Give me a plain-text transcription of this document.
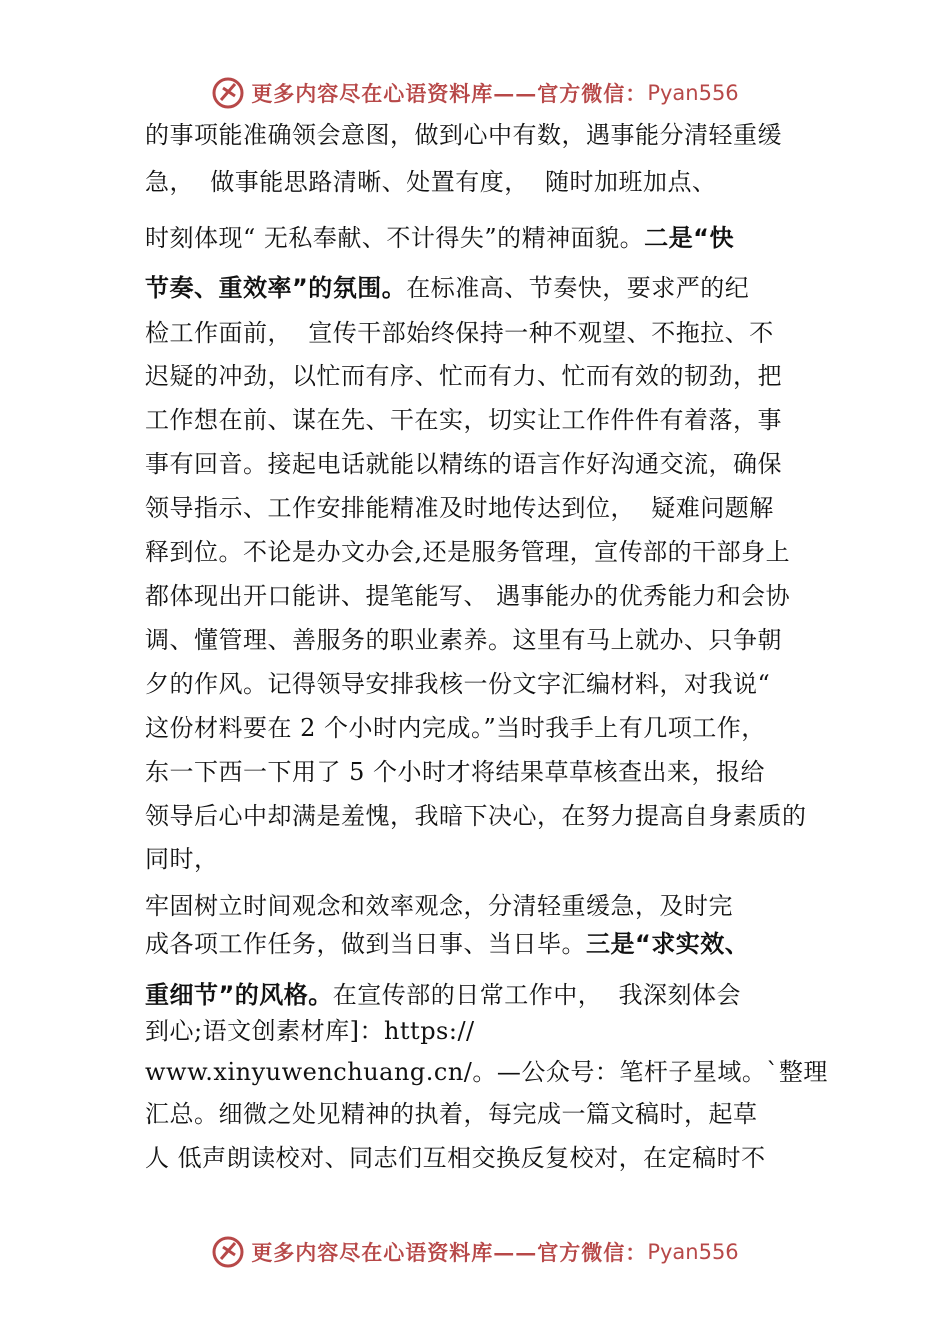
更多内容尽在心语资料库——官方微信： Pyan556
的事项能准确领会意图，做到心中有数，遇事能分清轻重缓
急，  做事能思路清晰、处置有度，  随时加班加点、
时刻体现“ 无私奉献、不计得失”的精神面貌。二是“快
节奏、重效率”的氛围。在标准高、节奏快，要求严的纪
检工作面前，  宣传干部始终保持一种不观望、不拖拉、不
迟疑的冲劲，以忙而有序、忙而有力、忙而有效的韧劲，把
工作想在前、谋在先、干在实，切实让工作件件有着落，事
事有回音。接起电话就能以精练的语言作好沟通交流，确保
领导指示、工作安排能精准及时地传达到位，  疑难问题解
释到位。不论是办文办会,还是服务管理，宣传部的干部身上
都体现出开口能讲、提笔能写、 遇事能办的优秀能力和会协
调、懂管理、善服务的职业素养。这里有马上就办、只争朝
夕的作风。记得领导安排我核一份文字汇编材料，对我说“
这份材料要在 2 个小时内完成。”当时我手上有几项工作，
东一下西一下用了 5 个小时才将结果草草核查出来，报给
领导后心中却满是羞愧，我暗下决心，在努力提高自身素质的
同时，
牢固树立时间观念和效率观念，分清轻重缓急，及时完
成各项工作任务，做到当日事、当日毕。三是“求实效、
重细节”的风格。在宣传部的日常工作中，  我深刻体会
到心;语文创素材库]：https://
www.xinyuwenchuang.cn/。—公众号：笔杆子星域。`整理
汇总。细微之处见精神的执着，每完成一篇文稿时，起草
人 低声朗读校对、同志们互相交换反复校对，在定稿时不
更多内容尽在心语资料库——官方微信： Pyan556
